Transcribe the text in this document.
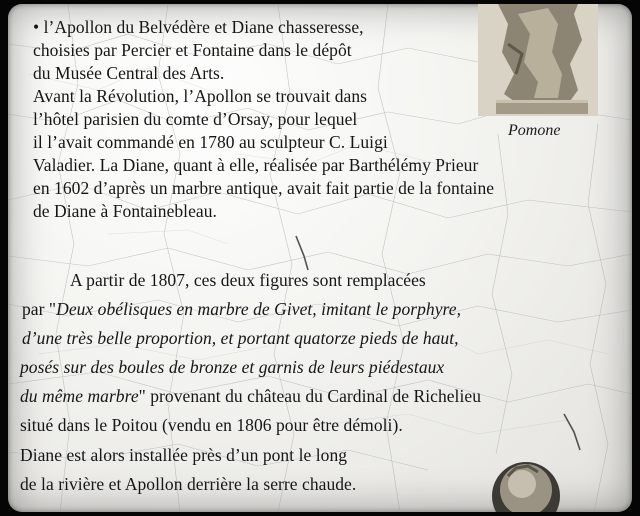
Pomone
• l’Apollon du Belvédère et Diane chasseresse,
choisies par Percier et Fontaine dans le dépôt
du Musée Central des Arts.
Avant la Révolution, l’Apollon se trouvait dans
l’hôtel parisien du comte d’Orsay, pour lequel
il l’avait commandé en 1780 au sculpteur C. Luigi
Valadier. La Diane, quant à elle, réalisée par Barthélémy Prieur
en 1602 d’après un marbre antique, avait fait partie de la fontaine
de Diane à Fontainebleau.
A partir de 1807, ces deux figures sont remplacées
par "Deux obélisques en marbre de Givet, imitant le porphyre,
d’une très belle proportion, et portant quatorze pieds de haut,
posés sur des boules de bronze et garnis de leurs piédestaux
du même marbre" provenant du château du Cardinal de Richelieu
situé dans le Poitou (vendu en 1806 pour être démoli).
Diane est alors installée près d’un pont le long
de la rivière et Apollon derrière la serre chaude.
